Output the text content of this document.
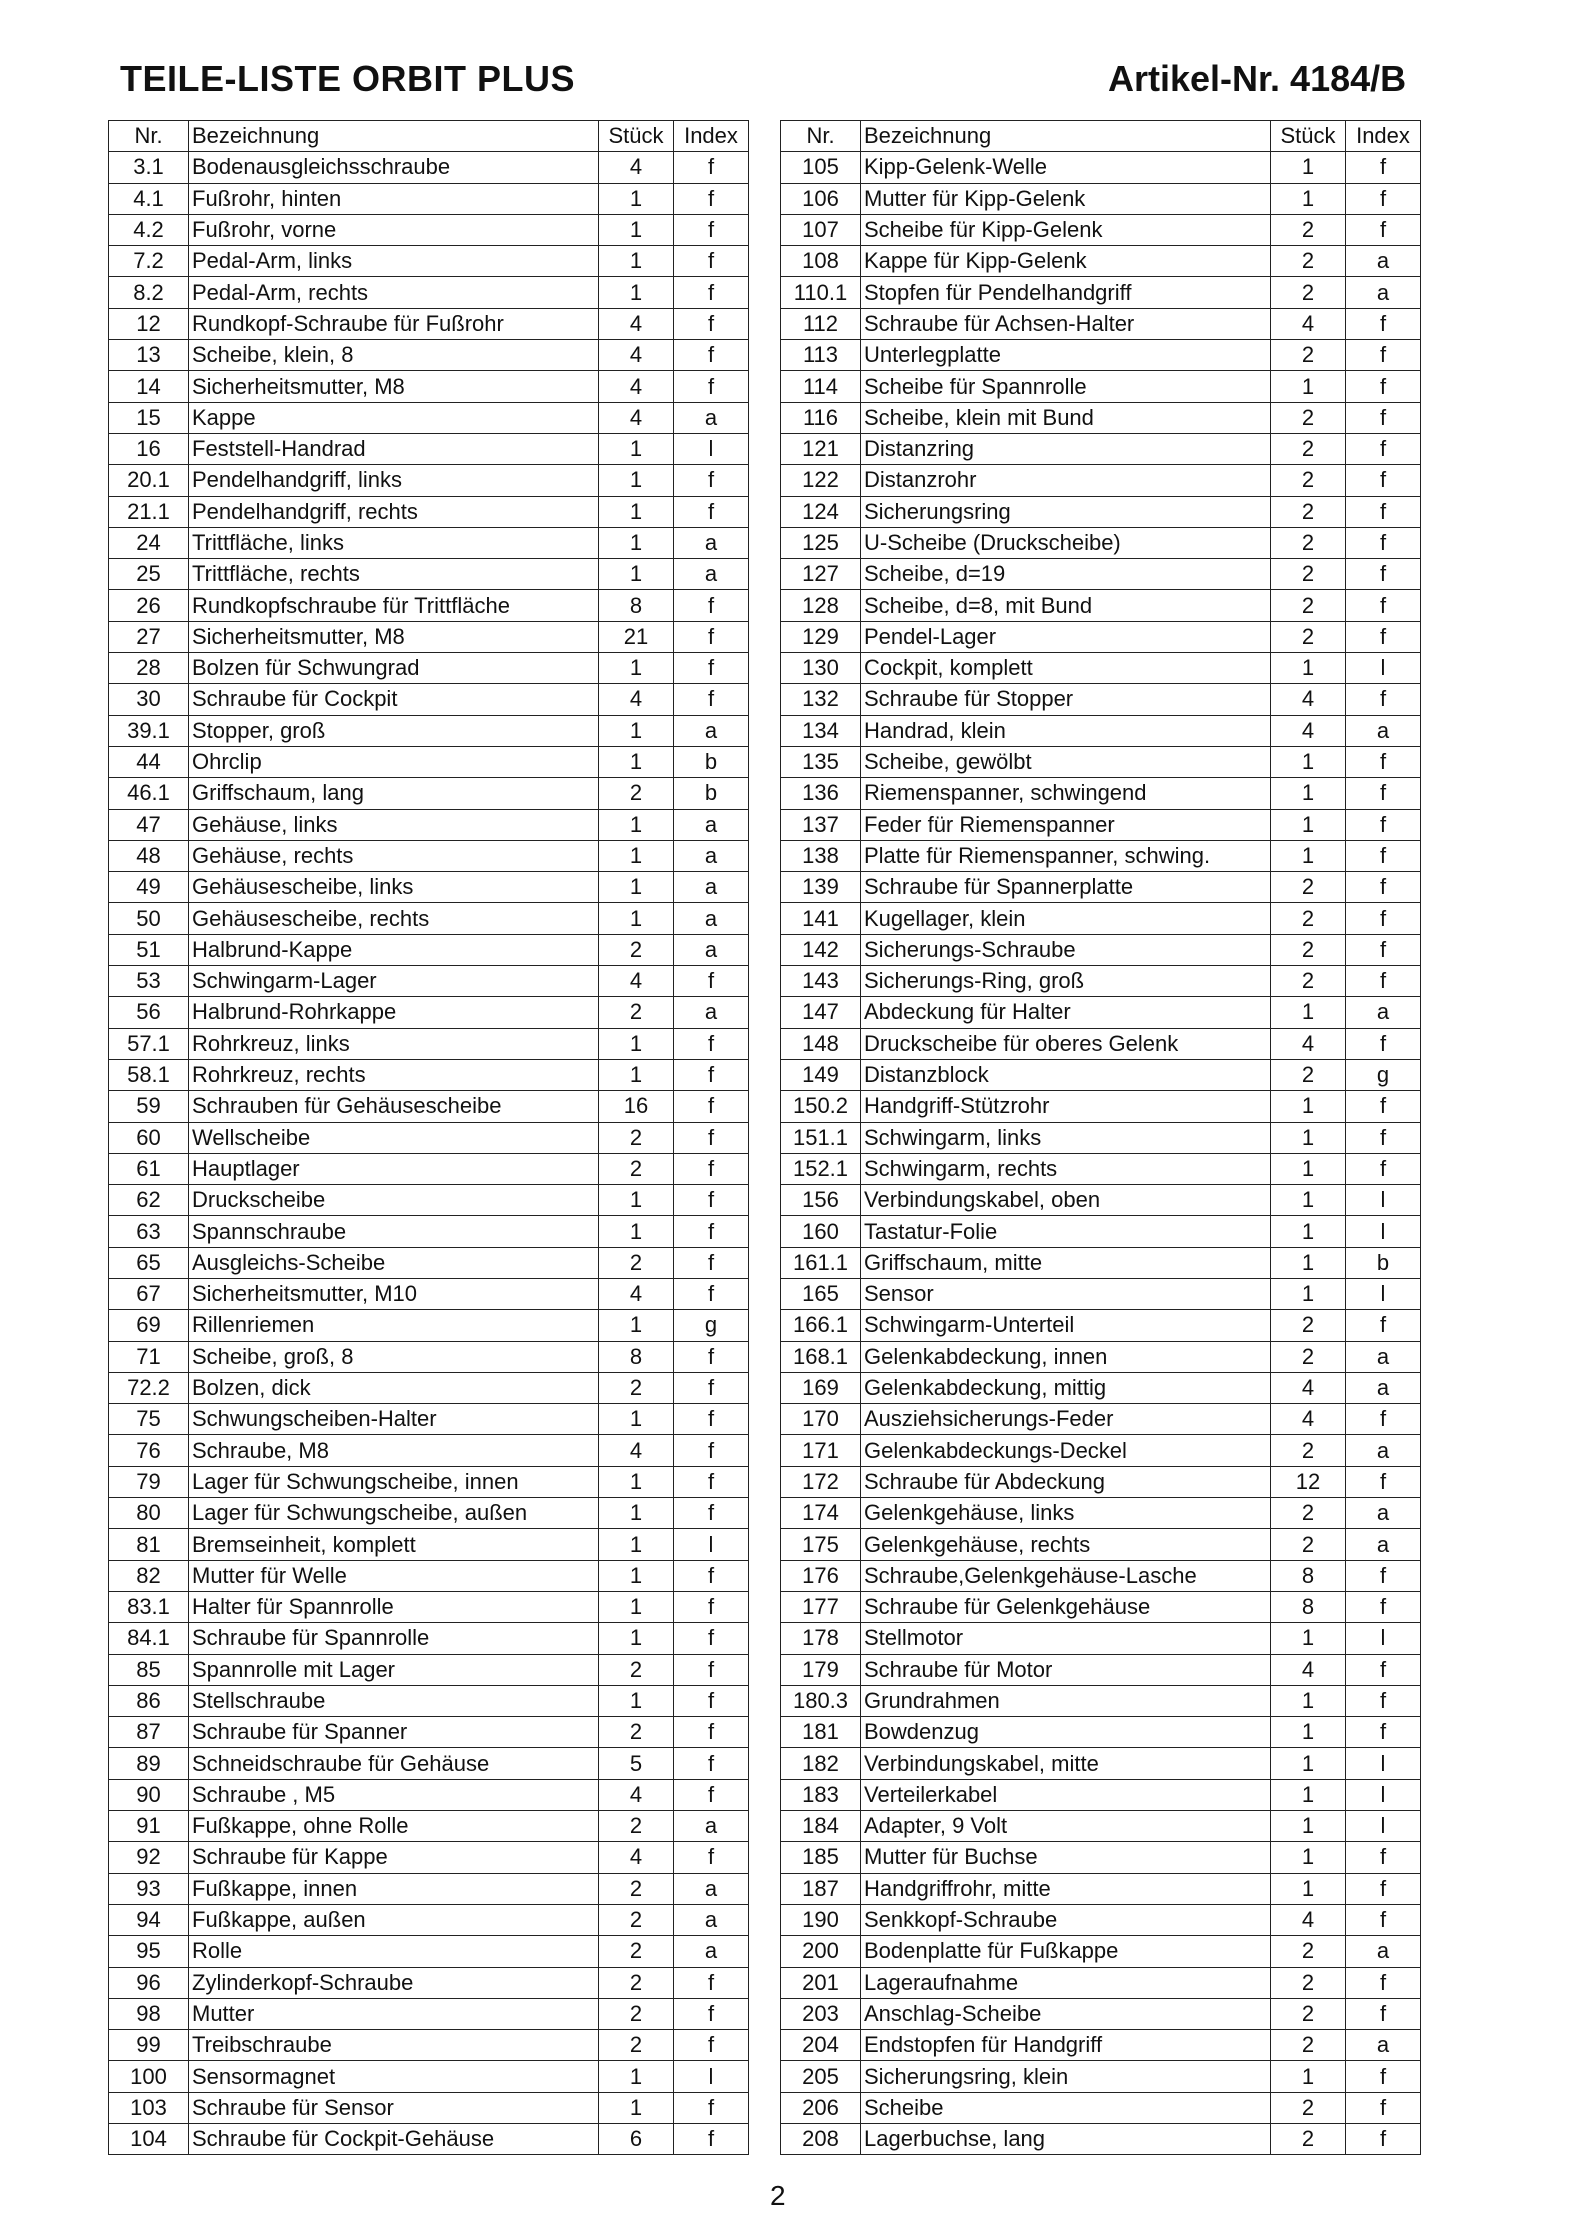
TEILE-LISTE ORBIT PLUS	Artikel-Nr. 4184/B
Nr.	Bezeichnung	Stück	Index
3.1	Bodenausgleichsschraube	4	f
4.1	Fußrohr, hinten	1	f
4.2	Fußrohr, vorne	1	f
7.2	Pedal-Arm, links	1	f
8.2	Pedal-Arm, rechts	1	f
12	Rundkopf-Schraube für Fußrohr	4	f
13	Scheibe, klein, 8	4	f
14	Sicherheitsmutter, M8	4	f
15	Kappe	4	a
16	Feststell-Handrad	1	l
20.1	Pendelhandgriff, links	1	f
21.1	Pendelhandgriff, rechts	1	f
24	Trittfläche, links	1	a
25	Trittfläche, rechts	1	a
26	Rundkopfschraube für Trittfläche	8	f
27	Sicherheitsmutter, M8	21	f
28	Bolzen für Schwungrad	1	f
30	Schraube für Cockpit	4	f
39.1	Stopper, groß	1	a
44	Ohrclip	1	b
46.1	Griffschaum, lang	2	b
47	Gehäuse, links	1	a
48	Gehäuse, rechts	1	a
49	Gehäusescheibe, links	1	a
50	Gehäusescheibe, rechts	1	a
51	Halbrund-Kappe	2	a
53	Schwingarm-Lager	4	f
56	Halbrund-Rohrkappe	2	a
57.1	Rohrkreuz, links	1	f
58.1	Rohrkreuz, rechts	1	f
59	Schrauben für Gehäusescheibe	16	f
60	Wellscheibe	2	f
61	Hauptlager	2	f
62	Druckscheibe	1	f
63	Spannschraube	1	f
65	Ausgleichs-Scheibe	2	f
67	Sicherheitsmutter, M10	4	f
69	Rillenriemen	1	g
71	Scheibe, groß, 8	8	f
72.2	Bolzen, dick	2	f
75	Schwungscheiben-Halter	1	f
76	Schraube, M8	4	f
79	Lager für Schwungscheibe, innen	1	f
80	Lager für Schwungscheibe, außen	1	f
81	Bremseinheit, komplett	1	l
82	Mutter für Welle	1	f
83.1	Halter für Spannrolle	1	f
84.1	Schraube für Spannrolle	1	f
85	Spannrolle mit Lager	2	f
86	Stellschraube	1	f
87	Schraube für Spanner	2	f
89	Schneidschraube für Gehäuse	5	f
90	Schraube , M5	4	f
91	Fußkappe, ohne Rolle	2	a
92	Schraube für Kappe	4	f
93	Fußkappe, innen	2	a
94	Fußkappe, außen	2	a
95	Rolle	2	a
96	Zylinderkopf-Schraube	2	f
98	Mutter	2	f
99	Treibschraube	2	f
100	Sensormagnet	1	l
103	Schraube für Sensor	1	f
104	Schraube für Cockpit-Gehäuse	6	f
Nr.	Bezeichnung	Stück	Index
105	Kipp-Gelenk-Welle	1	f
106	Mutter für Kipp-Gelenk	1	f
107	Scheibe für Kipp-Gelenk	2	f
108	Kappe für Kipp-Gelenk	2	a
110.1	Stopfen für Pendelhandgriff	2	a
112	Schraube für Achsen-Halter	4	f
113	Unterlegplatte	2	f
114	Scheibe für Spannrolle	1	f
116	Scheibe, klein mit Bund	2	f
121	Distanzring	2	f
122	Distanzrohr	2	f
124	Sicherungsring	2	f
125	U-Scheibe (Druckscheibe)	2	f
127	Scheibe, d=19	2	f
128	Scheibe, d=8, mit Bund	2	f
129	Pendel-Lager	2	f
130	Cockpit, komplett	1	l
132	Schraube für Stopper	4	f
134	Handrad, klein	4	a
135	Scheibe, gewölbt	1	f
136	Riemenspanner, schwingend	1	f
137	Feder für Riemenspanner	1	f
138	Platte für Riemenspanner, schwing.	1	f
139	Schraube für Spannerplatte	2	f
141	Kugellager, klein	2	f
142	Sicherungs-Schraube	2	f
143	Sicherungs-Ring, groß	2	f
147	Abdeckung für Halter	1	a
148	Druckscheibe für oberes Gelenk	4	f
149	Distanzblock	2	g
150.2	Handgriff-Stützrohr	1	f
151.1	Schwingarm, links	1	f
152.1	Schwingarm, rechts	1	f
156	Verbindungskabel, oben	1	l
160	Tastatur-Folie	1	l
161.1	Griffschaum, mitte	1	b
165	Sensor	1	l
166.1	Schwingarm-Unterteil	2	f
168.1	Gelenkabdeckung, innen	2	a
169	Gelenkabdeckung, mittig	4	a
170	Ausziehsicherungs-Feder	4	f
171	Gelenkabdeckungs-Deckel	2	a
172	Schraube für Abdeckung	12	f
174	Gelenkgehäuse, links	2	a
175	Gelenkgehäuse, rechts	2	a
176	Schraube,Gelenkgehäuse-Lasche	8	f
177	Schraube für Gelenkgehäuse	8	f
178	Stellmotor	1	l
179	Schraube für Motor	4	f
180.3	Grundrahmen	1	f
181	Bowdenzug	1	f
182	Verbindungskabel, mitte	1	l
183	Verteilerkabel	1	l
184	Adapter, 9 Volt	1	l
185	Mutter für Buchse	1	f
187	Handgriffrohr, mitte	1	f
190	Senkkopf-Schraube	4	f
200	Bodenplatte für Fußkappe	2	a
201	Lageraufnahme	2	f
203	Anschlag-Scheibe	2	f
204	Endstopfen für Handgriff	2	a
205	Sicherungsring, klein	1	f
206	Scheibe	2	f
208	Lagerbuchse, lang	2	f
2
